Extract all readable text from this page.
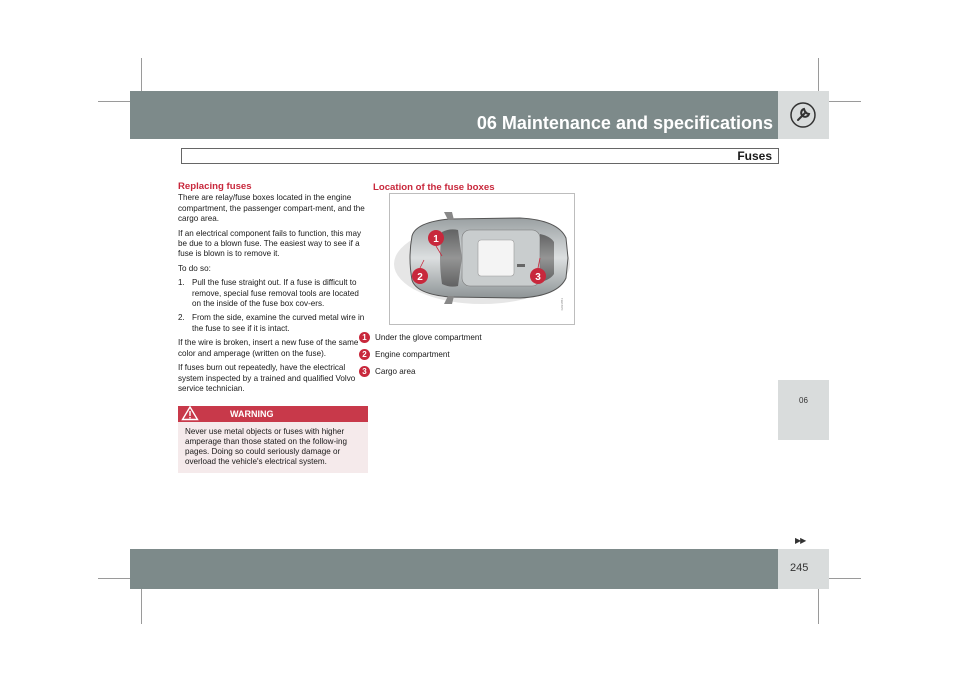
06 Maintenance and specifications
Fuses
06
▶▶
245
Replacing fuses

There are relay/fuse boxes located in the engine compartment, the passenger compart-ment, and the cargo area.

If an electrical component fails to function, this may be due to a blown fuse. The easiest way to see if a fuse is blown is to remove it.

To do so:

1. Pull the fuse straight out. If a fuse is difficult to remove, special fuse removal tools are located on the inside of the fuse box cov-ers.
2. From the side, examine the curved metal wire in the fuse to see if it is intact.

If the wire is broken, insert a new fuse of the same color and amperage (written on the fuse).

If fuses burn out repeatedly, have the electrical system inspected by a trained and qualified Volvo service technician.

WARNING
Never use metal objects or fuses with higher amperage than those stated on the follow-ing pages. Doing so could seriously damage or overload the vehicle's electrical system.
Location of the fuse boxes
1
2	3
G031851
1	Under the glove compartment
2	Engine compartment
3	Cargo area
